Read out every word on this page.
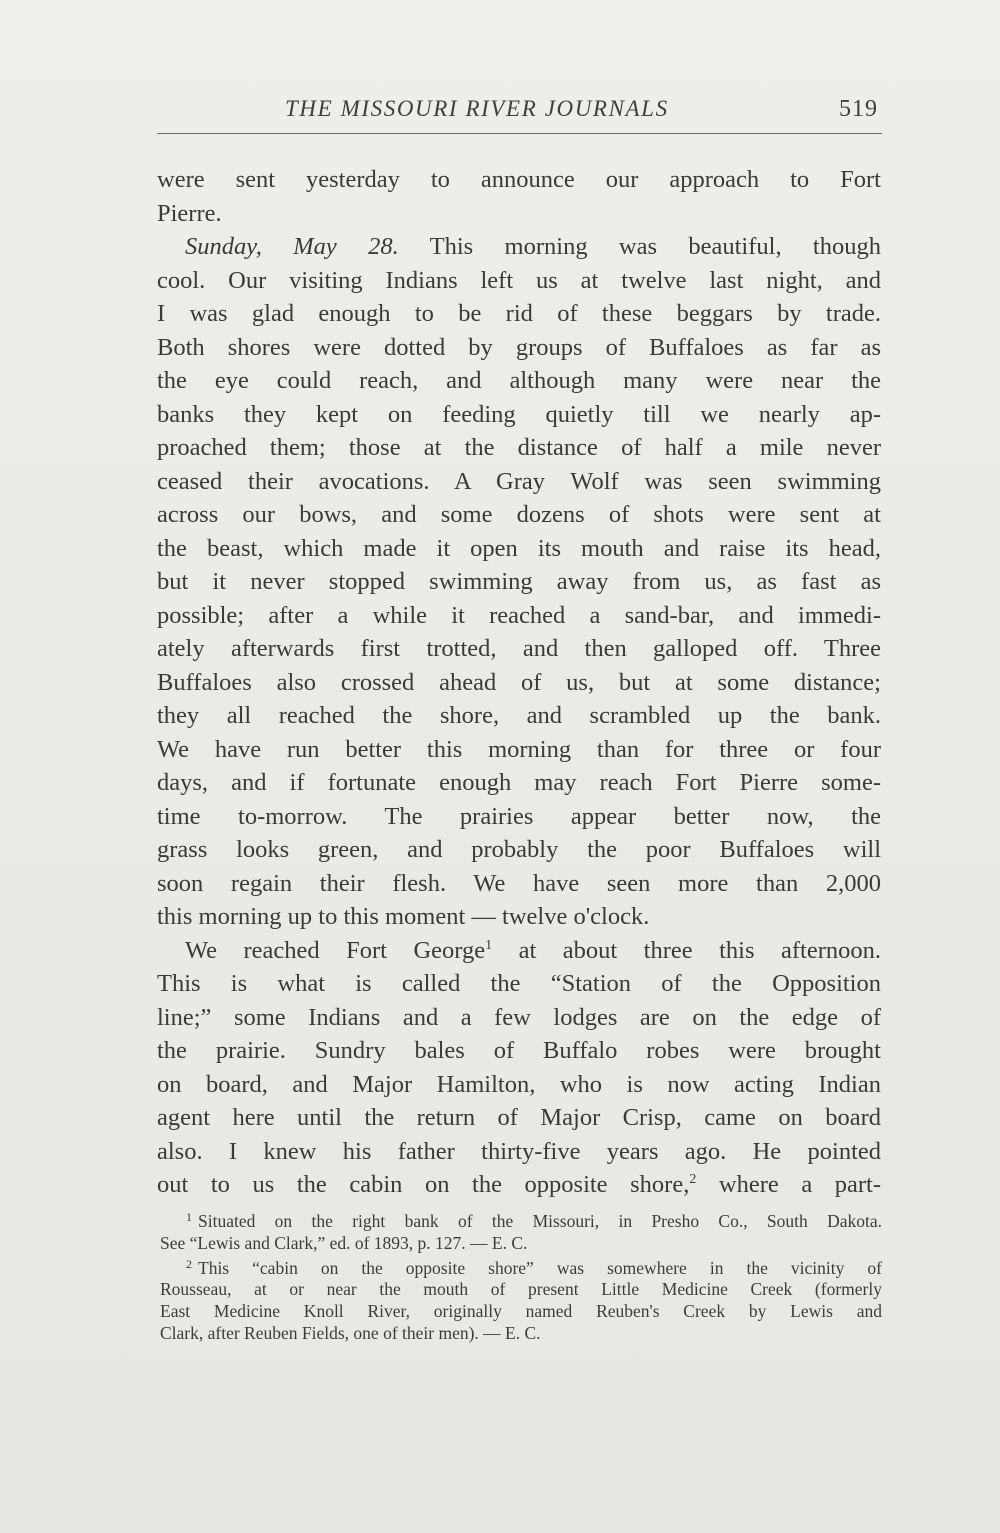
THE MISSOURI RIVER JOURNALS	519
were sent yesterday to announce our approach to Fort
Pierre.
Sunday, May 28. This morning was beautiful, though
cool. Our visiting Indians left us at twelve last night, and
I was glad enough to be rid of these beggars by trade.
Both shores were dotted by groups of Buffaloes as far as
the eye could reach, and although many were near the
banks they kept on feeding quietly till we nearly ap-
proached them; those at the distance of half a mile never
ceased their avocations. A Gray Wolf was seen swimming
across our bows, and some dozens of shots were sent at
the beast, which made it open its mouth and raise its head,
but it never stopped swimming away from us, as fast as
possible; after a while it reached a sand-bar, and immedi-
ately afterwards first trotted, and then galloped off. Three
Buffaloes also crossed ahead of us, but at some distance;
they all reached the shore, and scrambled up the bank.
We have run better this morning than for three or four
days, and if fortunate enough may reach Fort Pierre some-
time to-morrow. The prairies appear better now, the
grass looks green, and probably the poor Buffaloes will
soon regain their flesh. We have seen more than 2,000
this morning up to this moment — twelve o'clock.
We reached Fort George$^1$ at about three this afternoon.
This is what is called the “Station of the Opposition
line;” some Indians and a few lodges are on the edge of
the prairie. Sundry bales of Buffalo robes were brought
on board, and Major Hamilton, who is now acting Indian
agent here until the return of Major Crisp, came on board
also. I knew his father thirty-five years ago. He pointed
out to us the cabin on the opposite shore,$^2$ where a part-
$^1$ Situated on the right bank of the Missouri, in Presho Co., South Dakota.
See “Lewis and Clark,” ed. of 1893, p. 127. — E. C.
$^2$ This “cabin on the opposite shore” was somewhere in the vicinity of
Rousseau, at or near the mouth of present Little Medicine Creek (formerly
East Medicine Knoll River, originally named Reuben's Creek by Lewis and
Clark, after Reuben Fields, one of their men). — E. C.
